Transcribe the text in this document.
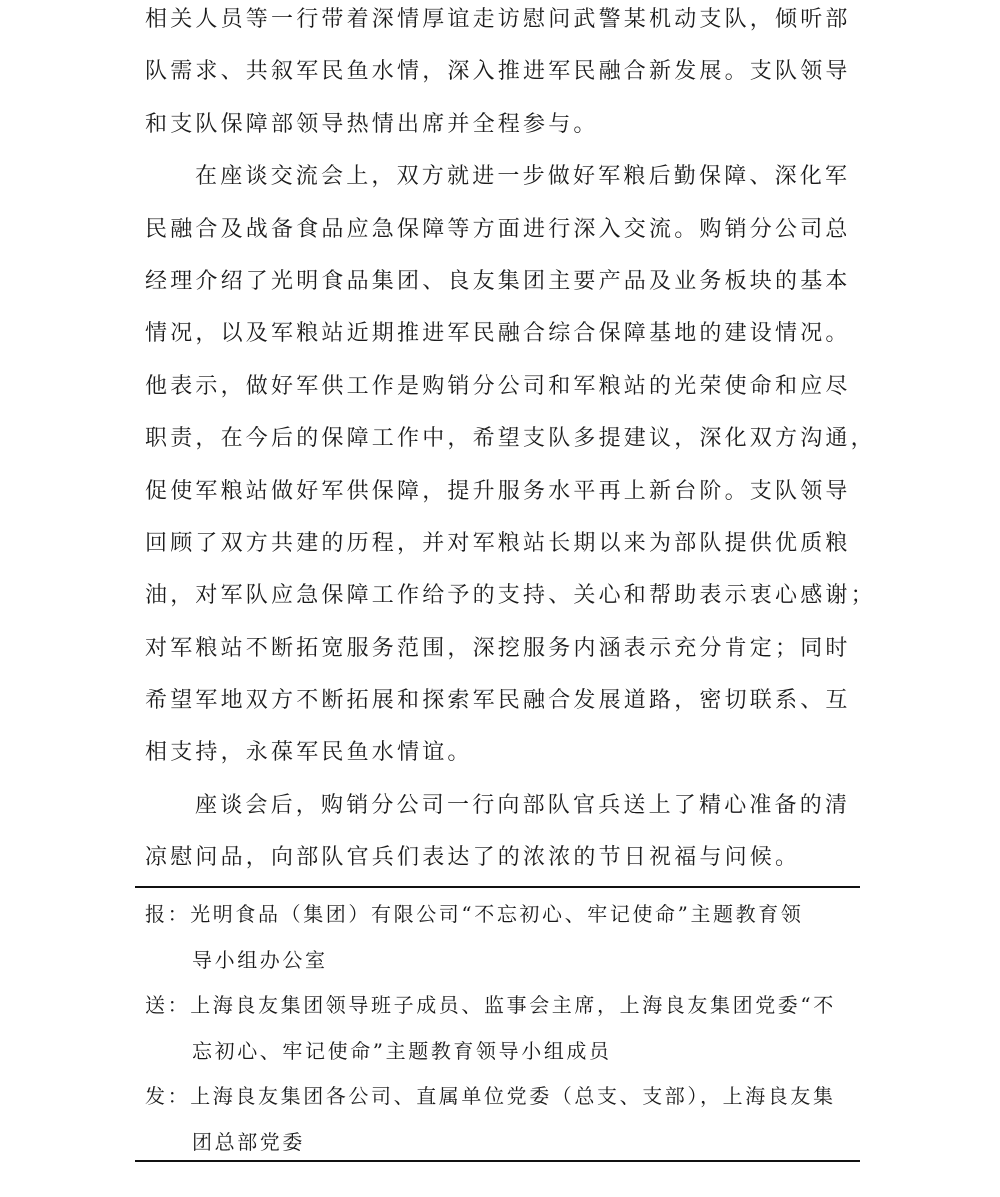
相关人员等一行带着深情厚谊走访慰问武警某机动支队，倾听部
队需求、共叙军民鱼水情，深入推进军民融合新发展。支队领导
和支队保障部领导热情出席并全程参与。
在座谈交流会上，双方就进一步做好军粮后勤保障、深化军
民融合及战备食品应急保障等方面进行深入交流。购销分公司总
经理介绍了光明食品集团、良友集团主要产品及业务板块的基本
情况，以及军粮站近期推进军民融合综合保障基地的建设情况。
他表示，做好军供工作是购销分公司和军粮站的光荣使命和应尽
职责，在今后的保障工作中，希望支队多提建议，深化双方沟通，
促使军粮站做好军供保障，提升服务水平再上新台阶。支队领导
回顾了双方共建的历程，并对军粮站长期以来为部队提供优质粮
油，对军队应急保障工作给予的支持、关心和帮助表示衷心感谢；
对军粮站不断拓宽服务范围，深挖服务内涵表示充分肯定；同时
希望军地双方不断拓展和探索军民融合发展道路，密切联系、互
相支持，永葆军民鱼水情谊。
座谈会后，购销分公司一行向部队官兵送上了精心准备的清
凉慰问品，向部队官兵们表达了的浓浓的节日祝福与问候。
报：光明食品（集团）有限公司“不忘初心、牢记使命”主题教育领
导小组办公室
送：上海良友集团领导班子成员、监事会主席，上海良友集团党委“不
忘初心、牢记使命”主题教育领导小组成员
发：上海良友集团各公司、直属单位党委（总支、支部），上海良友集
团总部党委
